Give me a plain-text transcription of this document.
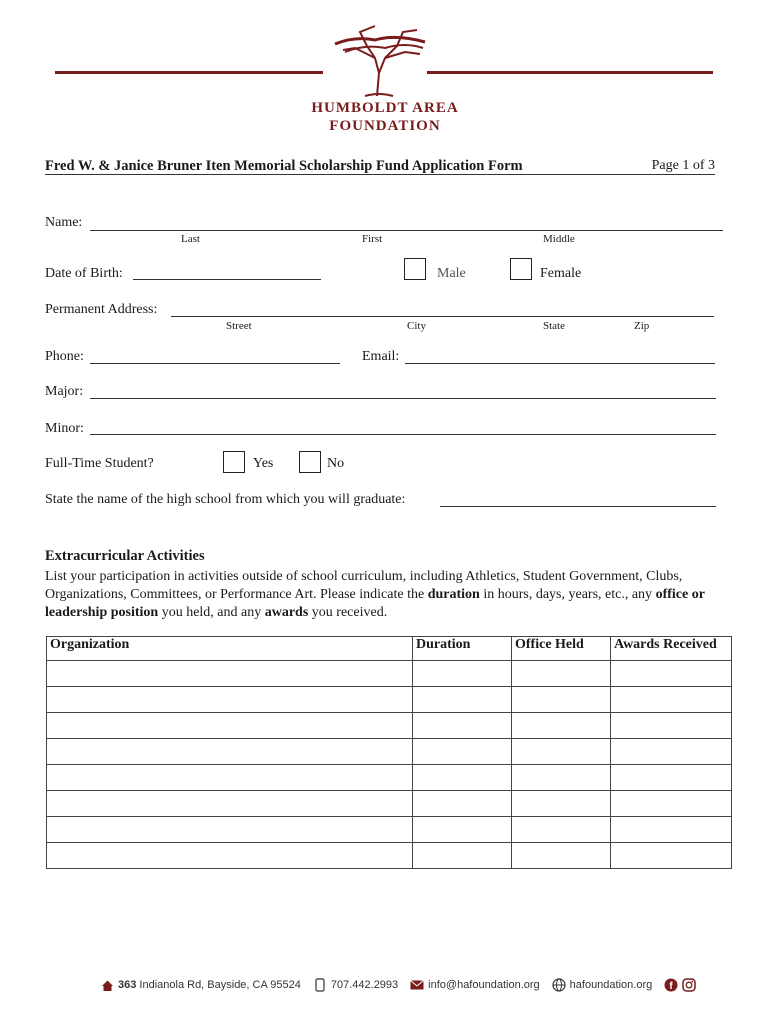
HUMBOLDT AREA
FOUNDATION
Fred W. & Janice Bruner Iten Memorial Scholarship Fund Application Form	Page 1 of 3
Name:
Last	First	Middle
Date of Birth:	Male	Female
Permanent Address:
Street	City	State	Zip
Phone:	Email:
Major:
Minor:
Full-Time Student?	Yes	No
State the name of the high school from which you will graduate:
Extracurricular Activities
List your participation in activities outside of school curriculum, including Athletics, Student Government, Clubs, Organizations, Committees, or Performance Art. Please indicate the duration in hours, days, years, etc., any office or leadership position you held, and any awards you received.
Organization	Duration	Office Held	Awards Received

363 Indianola Rd, Bayside, CA 95524	707.442.2993	info@hafoundation.org	hafoundation.org f
